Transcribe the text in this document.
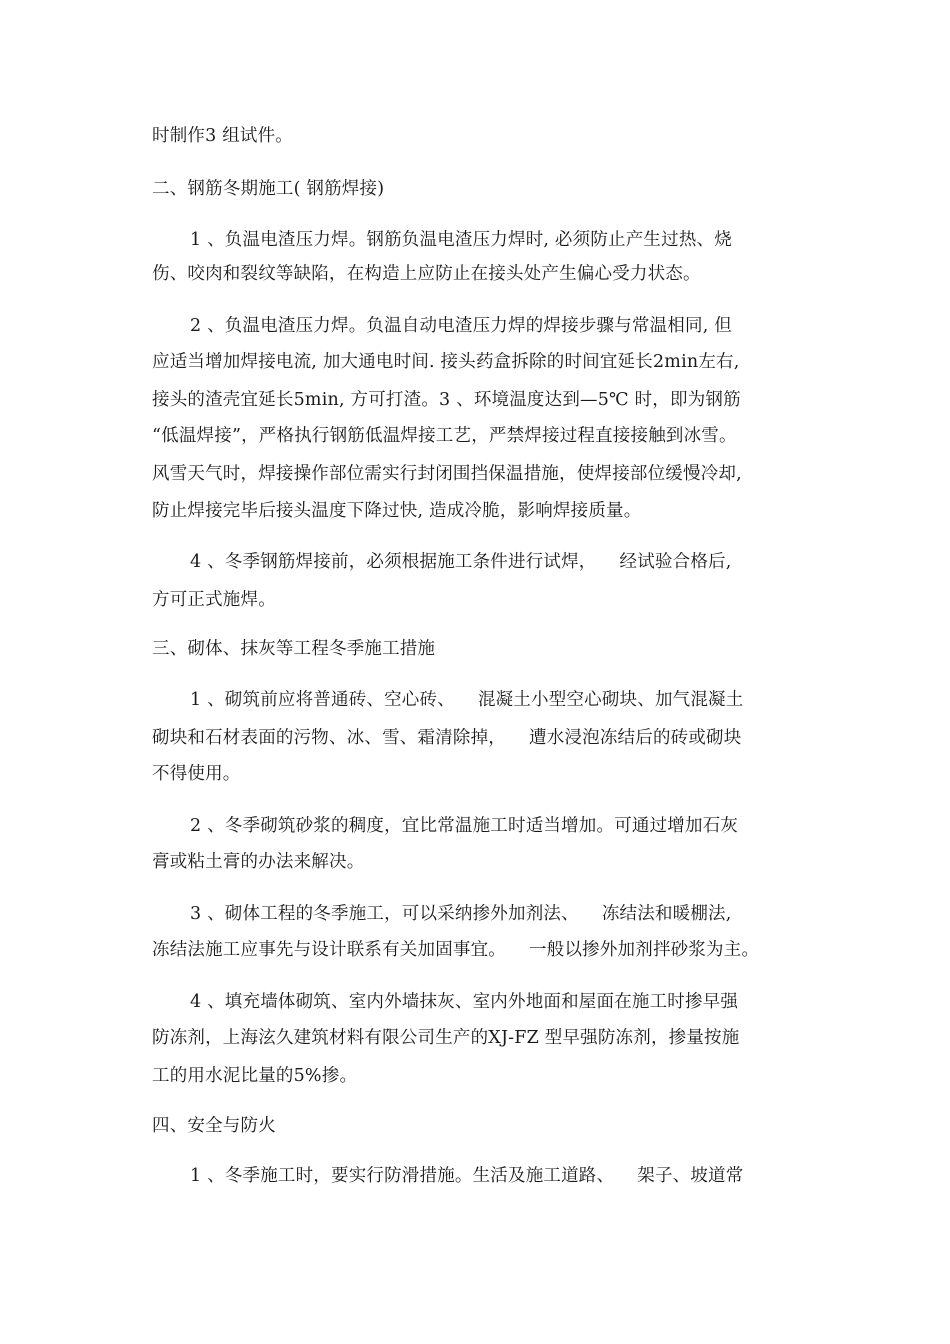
时制作3 组试件。
二、钢筋冬期施工( 钢筋焊接)
1 、负温电渣压力焊。钢筋负温电渣压力焊时, 必须防止产生过热、烧
伤、咬肉和裂纹等缺陷，在构造上应防止在接头处产生偏心受力状态。
2 、负温电渣压力焊。负温自动电渣压力焊的焊接步骤与常温相同, 但
应适当增加焊接电流, 加大通电时间. 接头药盒拆除的时间宜延长2min左右,
接头的渣壳宜延长5min, 方可打渣。3 、环境温度达到—5℃ 时，即为钢筋
“低温焊接”，严格执行钢筋低温焊接工艺，严禁焊接过程直接接触到冰雪。
风雪天气时，焊接操作部位需实行封闭围挡保温措施，使焊接部位缓慢冷却,
防止焊接完毕后接头温度下降过快, 造成冷脆，影响焊接质量。
4 、冬季钢筋焊接前，必须根据施工条件进行试焊，    经试验合格后,
方可正式施焊。
三、砌体、抹灰等工程冬季施工措施
1 、砌筑前应将普通砖、空心砖、    混凝土小型空心砌块、加气混凝土
砌块和石材表面的污物、冰、雪、霜清除掉，    遭水浸泡冻结后的砖或砌块
不得使用。
2 、冬季砌筑砂浆的稠度，宜比常温施工时适当增加。可通过增加石灰
膏或粘土膏的办法来解决。
3 、砌体工程的冬季施工，可以采纳掺外加剂法、    冻结法和暖棚法,
冻结法施工应事先与设计联系有关加固事宜。    一般以掺外加剂拌砂浆为主。
4 、填充墙体砌筑、室内外墙抹灰、室内外地面和屋面在施工时掺早强
防冻剂，上海泫久建筑材料有限公司生产的XJ-FZ 型早强防冻剂，掺量按施
工的用水泥比量的5%掺。
四、安全与防火
1 、冬季施工时，要实行防滑措施。生活及施工道路、    架子、坡道常
